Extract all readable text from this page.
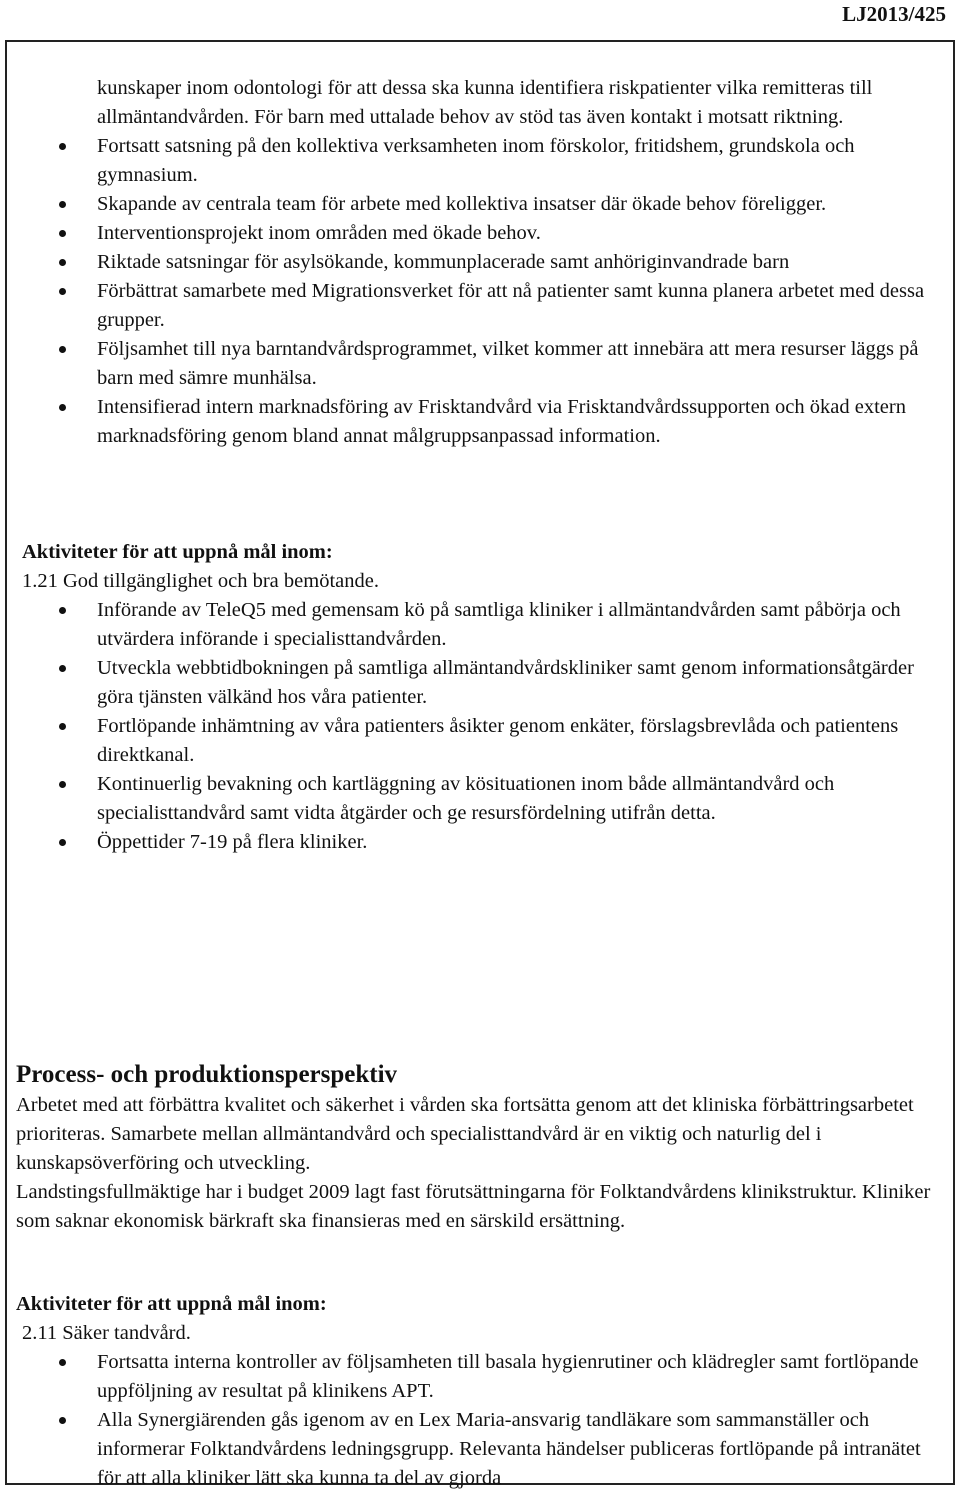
LJ2013/425

kunskaper inom odontologi för att dessa ska kunna identifiera riskpatienter vilka remitteras till allmäntandvården. För barn med uttalade behov av stöd tas även kontakt i motsatt riktning.

Fortsatt satsning på den kollektiva verksamheten inom förskolor, fritidshem, grundskola och gymnasium.
Skapande av centrala team för arbete med kollektiva insatser där ökade behov föreligger.
Interventionsprojekt inom områden med ökade behov.
Riktade satsningar för asylsökande, kommunplacerade samt anhöriginvandrade barn
Förbättrat samarbete med Migrationsverket för att nå patienter samt kunna planera arbetet med dessa grupper.
Följsamhet till nya barntandvårdsprogrammet, vilket kommer att innebära att mera resurser läggs på barn med sämre munhälsa.
Intensifierad intern marknadsföring av Frisktandvård via Frisktandvårdssupporten och ökad extern marknadsföring genom bland annat målgruppsanpassad information.

Aktiviteter för att uppnå mål inom:

1.21 God tillgänglighet och bra bemötande.

Införande av TeleQ5 med gemensam kö på samtliga kliniker i allmäntandvården samt påbörja och utvärdera införande i specialisttandvården.
Utveckla webbtidbokningen på samtliga allmäntandvårdskliniker samt genom informationsåtgärder göra tjänsten välkänd hos våra patienter.
Fortlöpande inhämtning av våra patienters åsikter genom enkäter, förslagsbrevlåda och patientens direktkanal.
Kontinuerlig bevakning och kartläggning av kösituationen inom både allmäntandvård och specialisttandvård samt vidta åtgärder och ge resursfördelning utifrån detta.
Öppettider 7-19 på flera kliniker.

Process- och produktionsperspektiv

Arbetet med att förbättra kvalitet och säkerhet i vården ska fortsätta genom att det kliniska förbättringsarbetet prioriteras. Samarbete mellan allmäntandvård och specialisttandvård är en viktig och naturlig del i kunskapsöverföring och utveckling.

Landstingsfullmäktige har i budget 2009 lagt fast förutsättningarna för Folktandvårdens klinikstruktur. Kliniker som saknar ekonomisk bärkraft ska finansieras med en särskild ersättning.

Aktiviteter för att uppnå mål inom:

2.11 Säker tandvård.

Fortsatta interna kontroller av följsamheten till basala hygienrutiner och klädregler samt fortlöpande uppföljning av resultat på klinikens APT.
Alla Synergiärenden gås igenom av en Lex Maria-ansvarig tandläkare som sammanställer och informerar Folktandvårdens ledningsgrupp. Relevanta händelser publiceras fortlöpande på intranätet för att alla kliniker lätt ska kunna ta del av gjorda
